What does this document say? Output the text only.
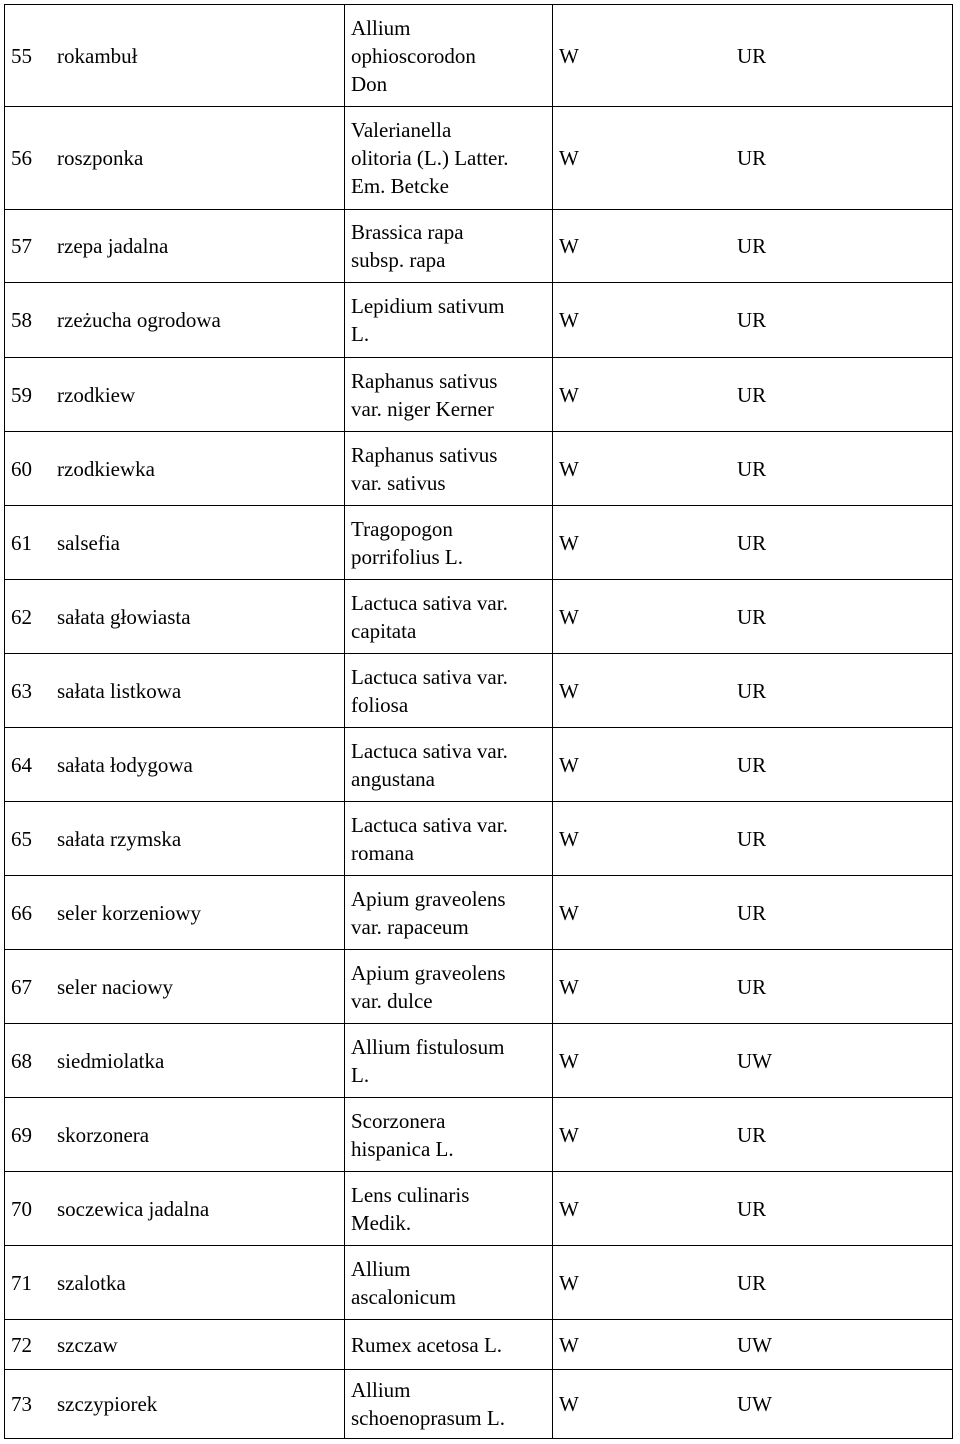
55 rokambuł	Allium
ophioscorodon
Don	W UR

56 roszponka	Valerianella
olitoria (L.) Latter.
Em. Betcke	W UR

57 rzepa jadalna	Brassica rapa
subsp. rapa	W UR

58 rzeżucha ogrodowa	Lepidium sativum
L.	W UR

59 rzodkiew	Raphanus sativus
var. niger Kerner	W UR

60 rzodkiewka	Raphanus sativus
var. sativus	W UR

61 salsefia	Tragopogon
porrifolius L.	W UR

62 sałata głowiasta	Lactuca sativa var.
capitata	W UR

63 sałata listkowa	Lactuca sativa var.
foliosa	W UR

64 sałata łodygowa	Lactuca sativa var.
angustana	W UR

65 sałata rzymska	Lactuca sativa var.
romana	W UR

66 seler korzeniowy	Apium graveolens
var. rapaceum	W UR

67 seler naciowy	Apium graveolens
var. dulce	W UR

68 siedmiolatka	Allium fistulosum
L.	W UW

69 skorzonera	Scorzonera
hispanica L.	W UR

70 soczewica jadalna	Lens culinaris
Medik.	W UR

71 szalotka	Allium
ascalonicum	W UR

72 szczaw	Rumex acetosa L.	W UW

73 szczypiorek	Allium
schoenoprasum L.	W UW
